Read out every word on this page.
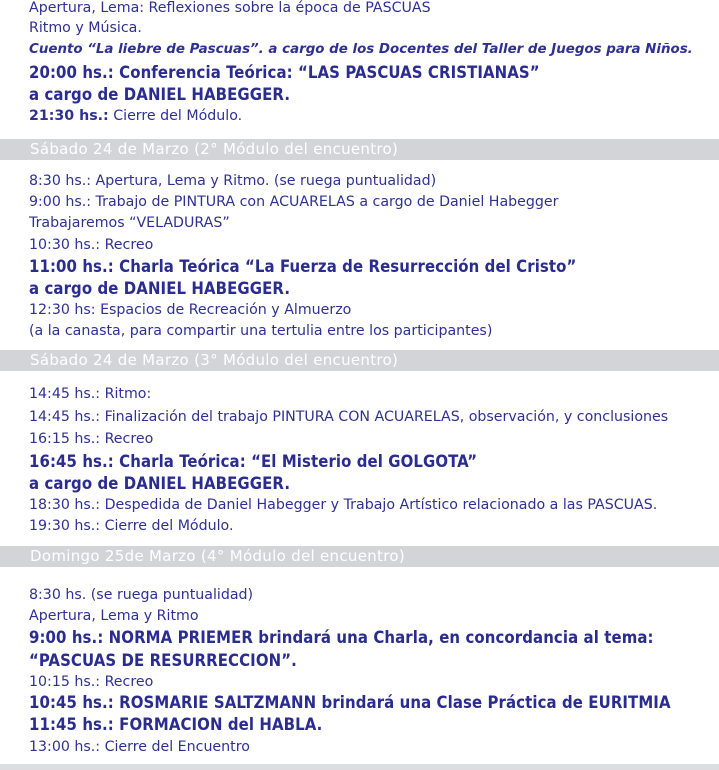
Apertura, Lema: Reflexiones sobre la época de PASCUAS
Ritmo y Música.
Cuento “La liebre de Pascuas”. a cargo de los Docentes del Taller de Juegos para Niños.
20:00 hs.: Conferencia Teórica: “LAS PASCUAS CRISTIANAS”
a cargo de DANIEL HABEGGER.
21:30 hs.: Cierre del Módulo.
Sábado 24 de Marzo (2° Módulo del encuentro)
8:30 hs.: Apertura, Lema y Ritmo. (se ruega puntualidad)
9:00 hs.: Trabajo de PINTURA con ACUARELAS a cargo de Daniel Habegger
Trabajaremos “VELADURAS”
10:30 hs.: Recreo
11:00 hs.: Charla Teórica “La Fuerza de Resurrección del Cristo”
a cargo de DANIEL HABEGGER.
12:30 hs: Espacios de Recreación y Almuerzo
(a la canasta, para compartir una tertulia entre los participantes)
Sábado 24 de Marzo (3° Módulo del encuentro)
14:45 hs.: Ritmo:
14:45 hs.: Finalización del trabajo PINTURA CON ACUARELAS, observación, y conclusiones
16:15 hs.: Recreo
16:45 hs.: Charla Teórica: “El Misterio del GOLGOTA”
a cargo de DANIEL HABEGGER.
18:30 hs.: Despedida de Daniel Habegger y Trabajo Artístico relacionado a las PASCUAS.
19:30 hs.: Cierre del Módulo.
Domingo 25de Marzo (4° Módulo del encuentro)
8:30 hs. (se ruega puntualidad)
Apertura, Lema y Ritmo
9:00 hs.: NORMA PRIEMER brindará una Charla, en concordancia al tema:
“PASCUAS DE RESURRECCION”.
10:15 hs.: Recreo
10:45 hs.: ROSMARIE SALTZMANN brindará una Clase Práctica de EURITMIA
11:45 hs.: FORMACION del HABLA.
13:00 hs.: Cierre del Encuentro
